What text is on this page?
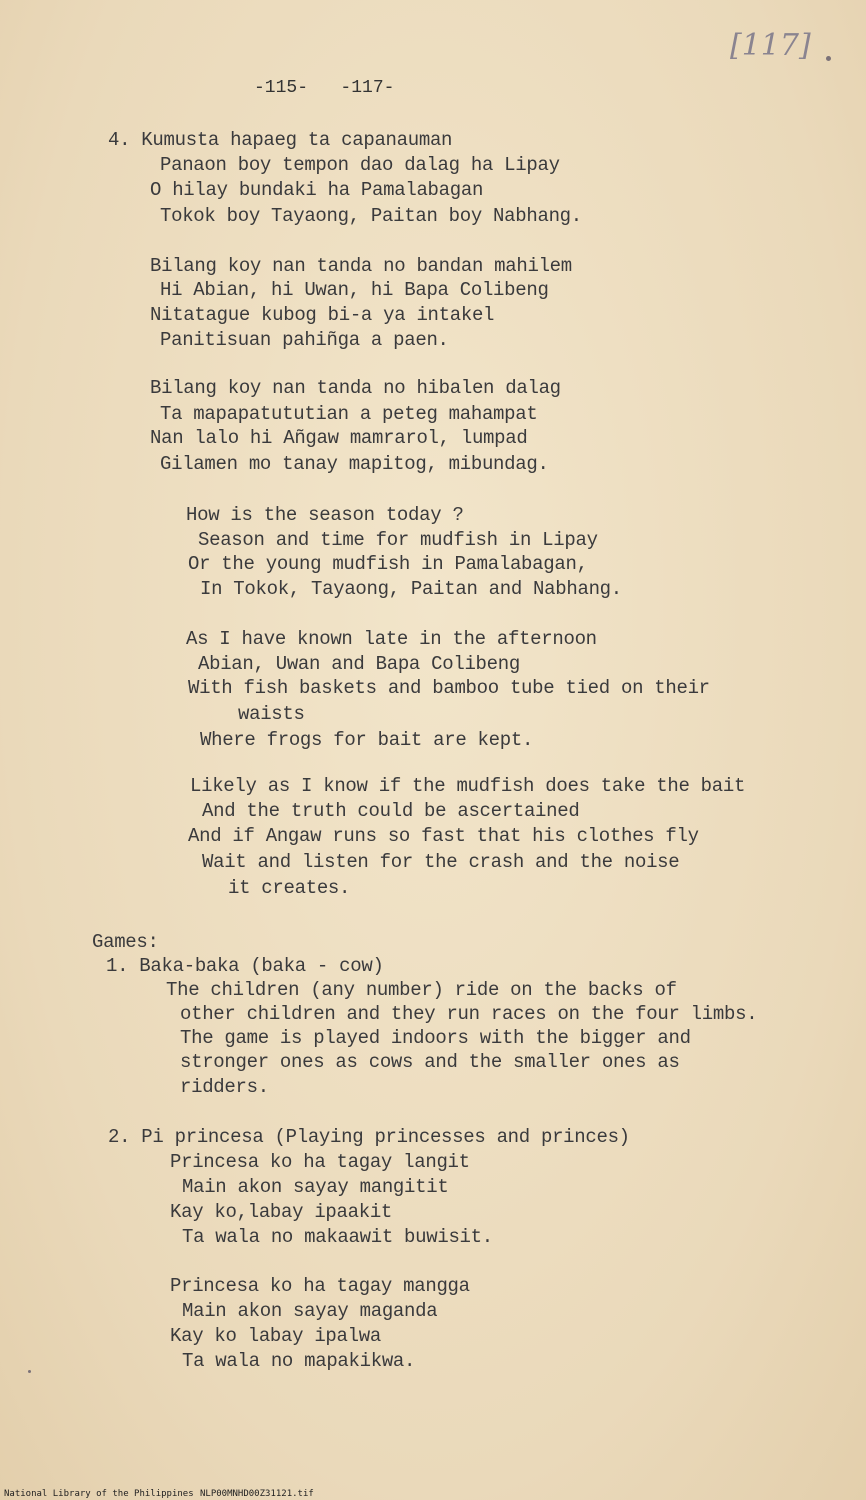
[117]
-115-   -117-
4. Kumusta hapaeg ta capanauman
Panaon boy tempon dao dalag ha Lipay
O hilay bundaki ha Pamalabagan
Tokok boy Tayaong, Paitan boy Nabhang.
Bilang koy nan tanda no bandan mahilem
Hi Abian, hi Uwan, hi Bapa Colibeng
Nitatague kubog bi-a ya intakel
Panitisuan pahiñga a paen.
Bilang koy nan tanda no hibalen dalag
Ta mapapatututian a peteg mahampat
Nan lalo hi Añgaw mamrarol, lumpad
Gilamen mo tanay mapitog, mibundag.
How is the season today ?
Season and time for mudfish in Lipay
Or the young mudfish in Pamalabagan,
In Tokok, Tayaong, Paitan and Nabhang.
As I have known late in the afternoon
Abian, Uwan and Bapa Colibeng
With fish baskets and bamboo tube tied on their
waists
Where frogs for bait are kept.
Likely as I know if the mudfish does take the bait
And the truth could be ascertained
And if Angaw runs so fast that his clothes fly
Wait and listen for the crash and the noise
it creates.
Games:
1. Baka-baka (baka - cow)
The children (any number) ride on the backs of
other children and they run races on the four limbs.
The game is played indoors with the bigger and
stronger ones as cows and the smaller ones as
ridders.
2. Pi princesa (Playing princesses and princes)
Princesa ko ha tagay langit
Main akon sayay mangitit
Kay ko,labay ipaakit
Ta wala no makaawit buwisit.
Princesa ko ha tagay mangga
Main akon sayay maganda
Kay ko labay ipalwa
Ta wala no mapakikwa.
National Library of the Philippines NLP00MNHD00Z31121.tif
